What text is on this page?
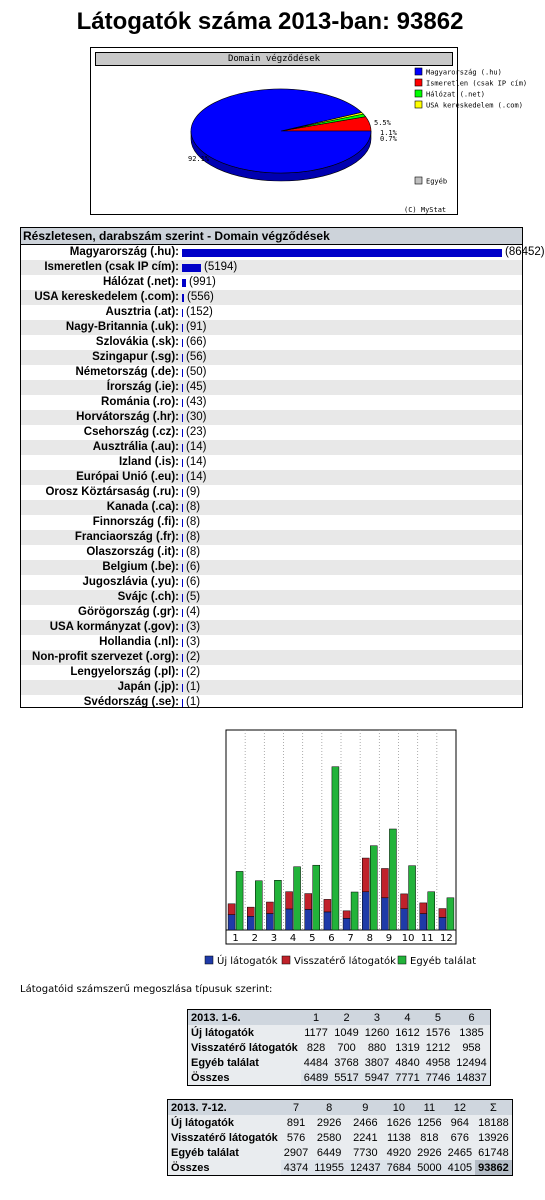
Látogatók száma 2013-ban: 93862
Domain végződések
92.1%
5.5%
1.1%
0.7%
Magyarország (.hu)
Ismeretlen (csak IP cím)
Hálózat (.net)
USA kereskedelem (.com)
Egyéb
(C) MyStat
Részletesen, darabszám szerint - Domain végződések
Magyarország (.hu):	(86452)
Ismeretlen (csak IP cím): (5194)
Hálózat (.net): (991)
USA kereskedelem (.com): (556)
Ausztria (.at): (152)
Nagy-Britannia (.uk): (91)
Szlovákia (.sk): (66)
Szingapur (.sg): (56)
Németország (.de): (50)
Írország (.ie): (45)
Románia (.ro): (43)
Horvátország (.hr): (30)
Csehország (.cz): (23)
Ausztrália (.au): (14)
Izland (.is): (14)
Európai Unió (.eu): (14)
Orosz Köztársaság (.ru): (9)
Kanada (.ca): (8)
Finnország (.fi): (8)
Franciaország (.fr): (8)
Olaszország (.it): (8)
Belgium (.be): (6)
Jugoszlávia (.yu): (6)
Svájc (.ch): (5)
Görögország (.gr): (4)
USA kormányzat (.gov): (3)
Hollandia (.nl): (3)
Non-profit szervezet (.org): (2)
Lengyelország (.pl): (2)
Japán (.jp): (1)
Svédország (.se): (1)
1 2 3 4 5 6 7 8 9 10 11 12
Új látogatók Visszatérő látogatók Egyéb találat
Látogatóid számszerű megoszlása típusuk szerint:
2013. 1-6.	1	2	3	4	5	6
Új látogatók	1177	1049	1260	1612	1576	1385
Visszatérő látogatók	828	700	880	1319	1212	958
Egyéb találat	4484	3768	3807	4840	4958	12494
Összes	6489	5517	5947	7771	7746	14837
2013. 7-12.	7	8	9	10	11	12	Σ
Új látogatók	891	2926	2466	1626	1256	964	18188
Visszatérő látogatók	576	2580	2241	1138	818	676	13926
Egyéb találat	2907	6449	7730	4920	2926	2465	61748
Összes	4374	11955	12437	7684	5000	4105	93862
